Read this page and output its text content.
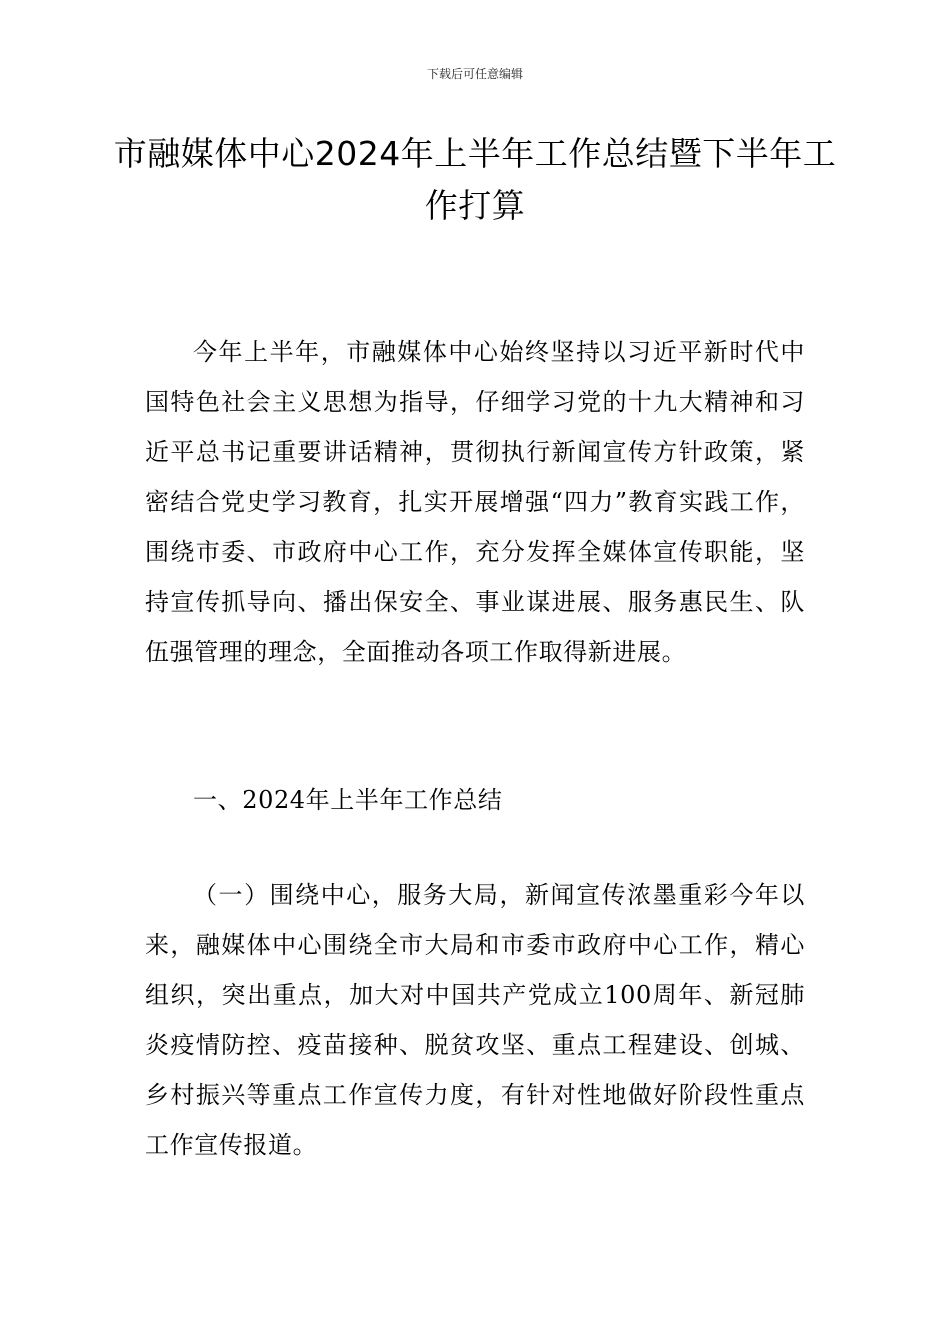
下载后可任意编辑
市融媒体中心2024年上半年工作总结暨下半年工作打算

今年上半年，市融媒体中心始终坚持以习近平新时代中国特色社会主义思想为指导，仔细学习党的十九大精神和习近平总书记重要讲话精神，贯彻执行新闻宣传方针政策，紧密结合党史学习教育，扎实开展增强“四力”教育实践工作，围绕市委、市政府中心工作，充分发挥全媒体宣传职能，坚持宣传抓导向、播出保安全、事业谋进展、服务惠民生、队伍强管理的理念，全面推动各项工作取得新进展。

一、2024年上半年工作总结

（一）围绕中心，服务大局，新闻宣传浓墨重彩今年以来，融媒体中心围绕全市大局和市委市政府中心工作，精心组织，突出重点，加大对中国共产党成立100周年、新冠肺炎疫情防控、疫苗接种、脱贫攻坚、重点工程建设、创城、乡村振兴等重点工作宣传力度，有针对性地做好阶段性重点工作宣传报道。
